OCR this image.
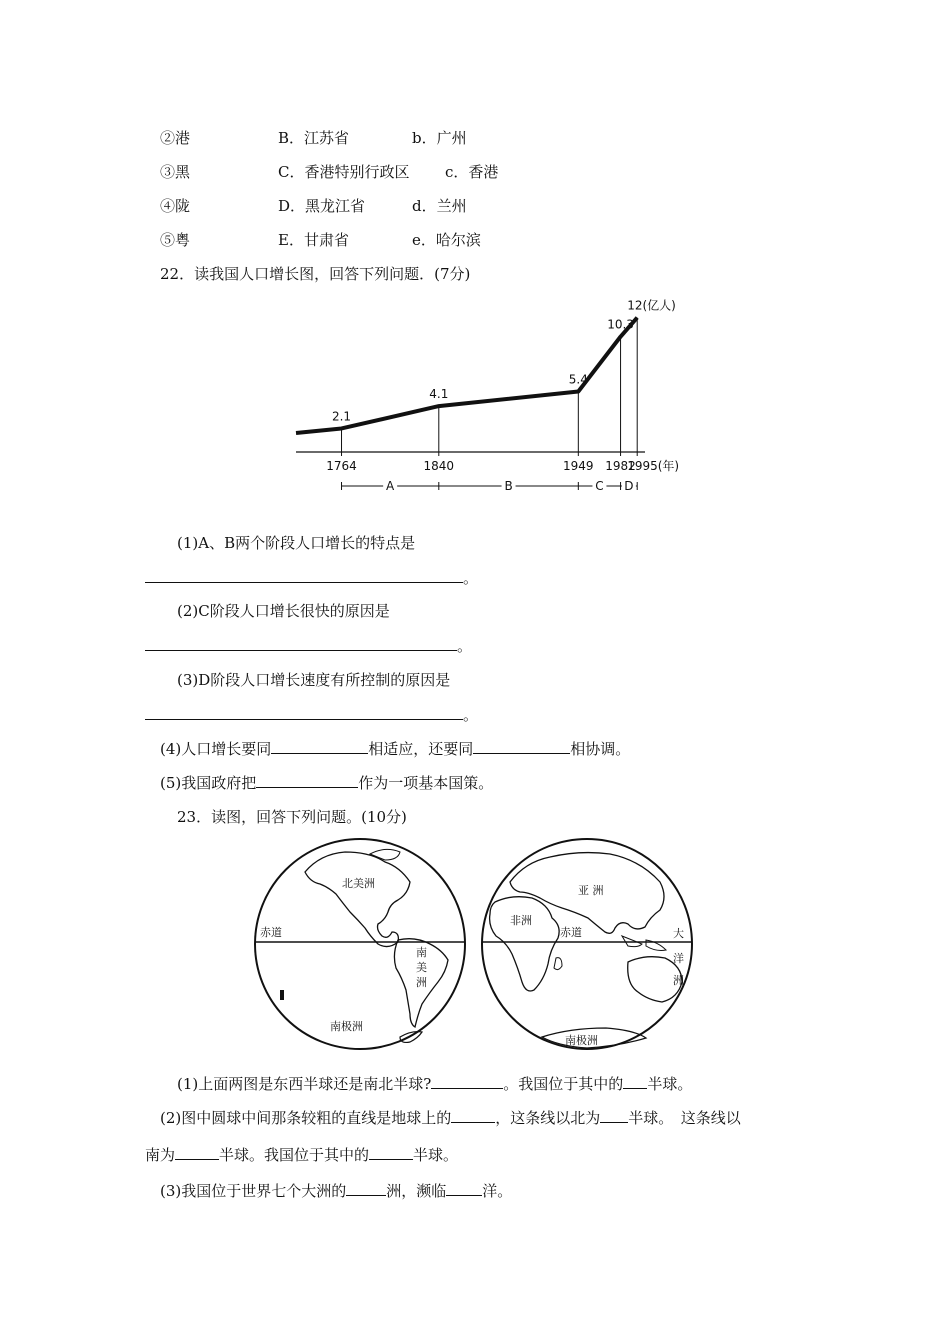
②港	B．江苏省	b．广州
③黑	C．香港特别行政区 c．香港
④陇	D．黑龙江省	d．兰州
⑤粤	E．甘肃省	e．哈尔滨
22．读我国人口增长图，回答下列问题．(7分)
2.1
1764
4.1
1840
5.4
1949
10.3
1982
12(亿人)
1995(年)
A	B	C D
(1)A、B两个阶段人口增长的特点是
。
(2)C阶段人口增长很快的原因是
。
(3)D阶段人口增长速度有所控制的原因是
。
(4)人口增长要同	相适应，还要同	相协调。
(5)我国政府把	作为一项基本国策。
23．读图，回答下列问题。(10分)
北美洲
赤道
南
美
洲
南极洲
亚 洲
非洲
赤道	大
洋
洲
南极洲
(1)上面两图是东西半球还是南北半球?	。我国位于其中的 半球。
(2)图中圆球中间那条较粗的直线是地球上的	，这条线以北为 半球。　这条线以
南为	半球。我国位于其中的	半球。
(3)我国位于世界七个大洲的	洲，濒临 洋。
